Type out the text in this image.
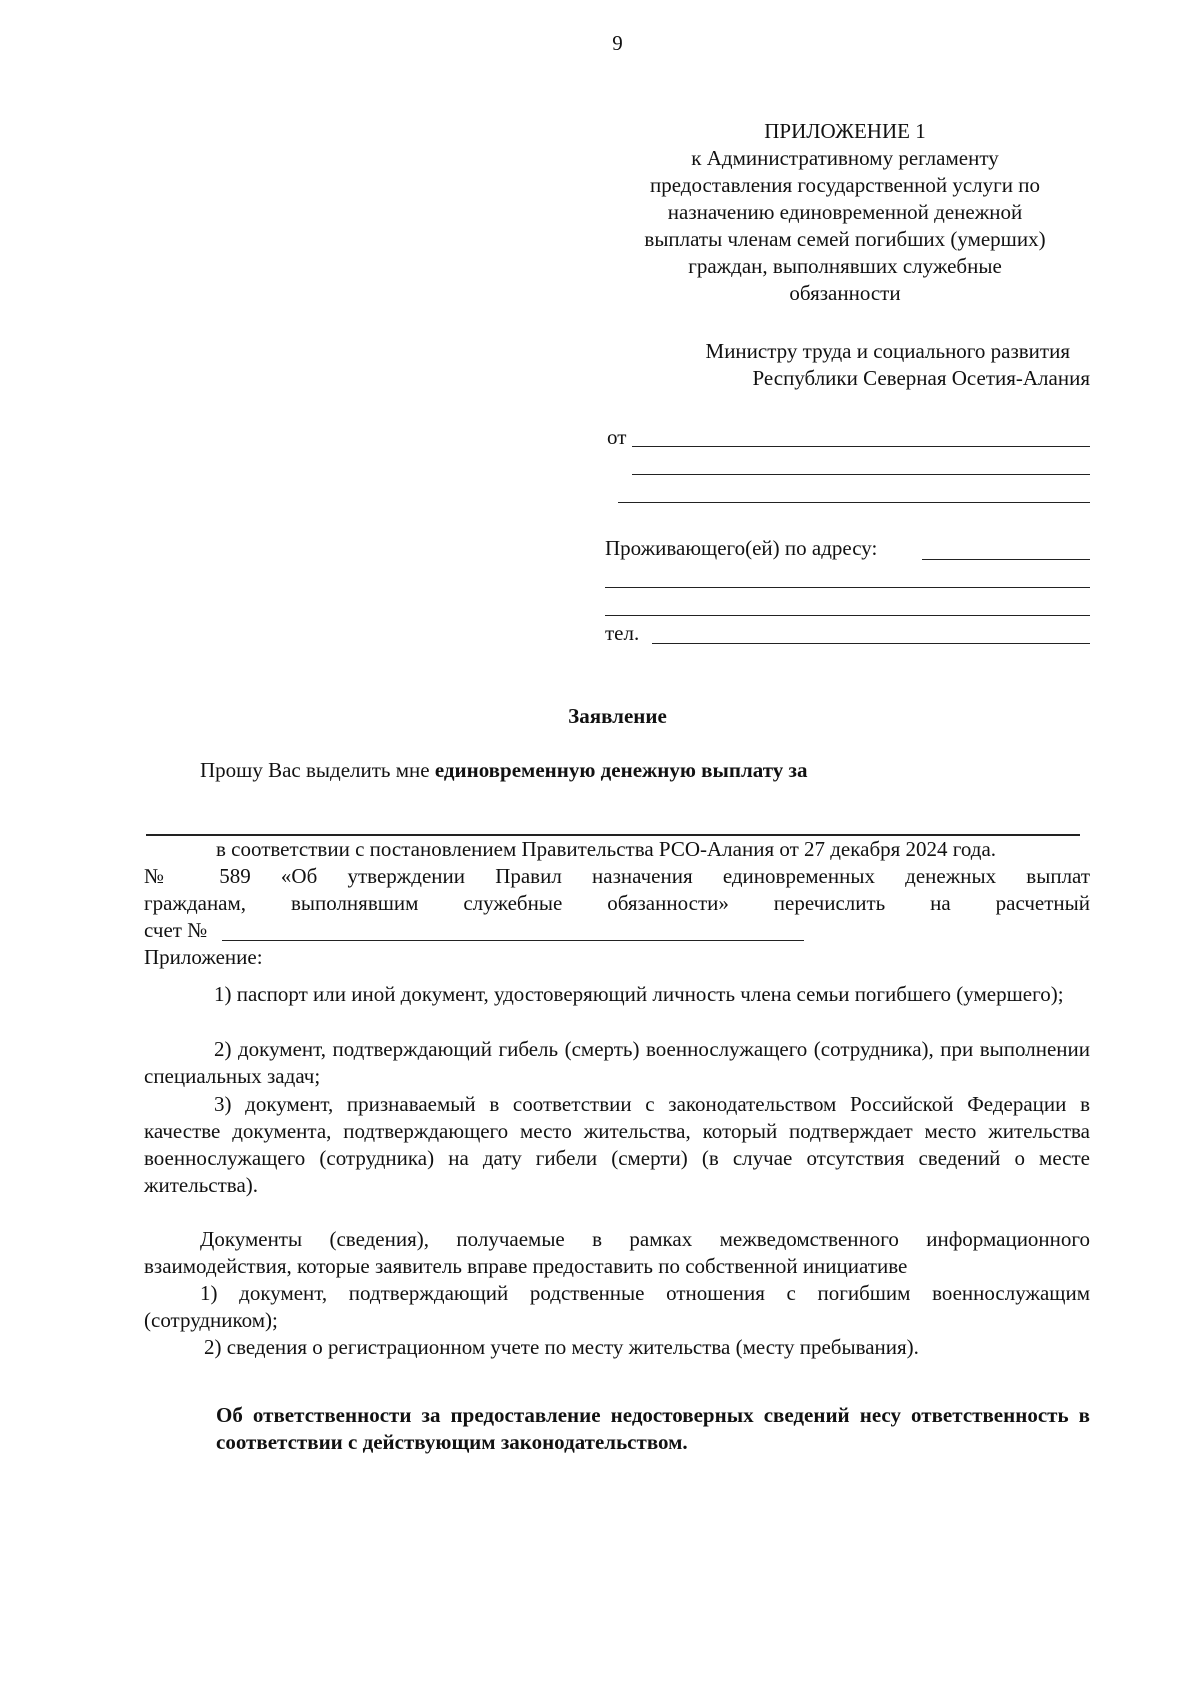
9
ПРИЛОЖЕНИЕ 1
к Административному регламенту
предоставления государственной услуги по
назначению единовременной денежной
выплаты членам семей погибших (умерших)
граждан, выполнявших служебные
обязанности
Министру труда и социального развития
Республики Северная Осетия-Алания
от
Проживающего(ей) по адресу:
тел.
Заявление
Прошу Вас выделить мне единовременную денежную выплату за
в соответствии с постановлением Правительства РСО-Алания от 27 декабря 2024 года.
№ 589 «Об утверждении Правил назначения единовременных денежных выплат
гражданам, выполнявшим служебные обязанности» перечислить на расчетный
счет №
Приложение:
1) паспорт или иной документ, удостоверяющий личность члена семьи погибшего (умершего);
2) документ, подтверждающий гибель (смерть) военнослужащего (сотрудника), при выполнении специальных задач;
3) документ, признаваемый в соответствии с законодательством Российской Федерации в качестве документа, подтверждающего место жительства, который подтверждает место жительства военнослужащего (сотрудника) на дату гибели (смерти) (в случае отсутствия сведений о месте жительства).
Документы (сведения), получаемые в рамках межведомственного информационного взаимодействия, которые заявитель вправе предоставить по собственной инициативе
1) документ, подтверждающий родственные отношения с погибшим военнослужащим (сотрудником);
2) сведения о регистрационном учете по месту жительства (месту пребывания).
Об ответственности за предоставление недостоверных сведений несу ответственность в соответствии с действующим законодательством.
